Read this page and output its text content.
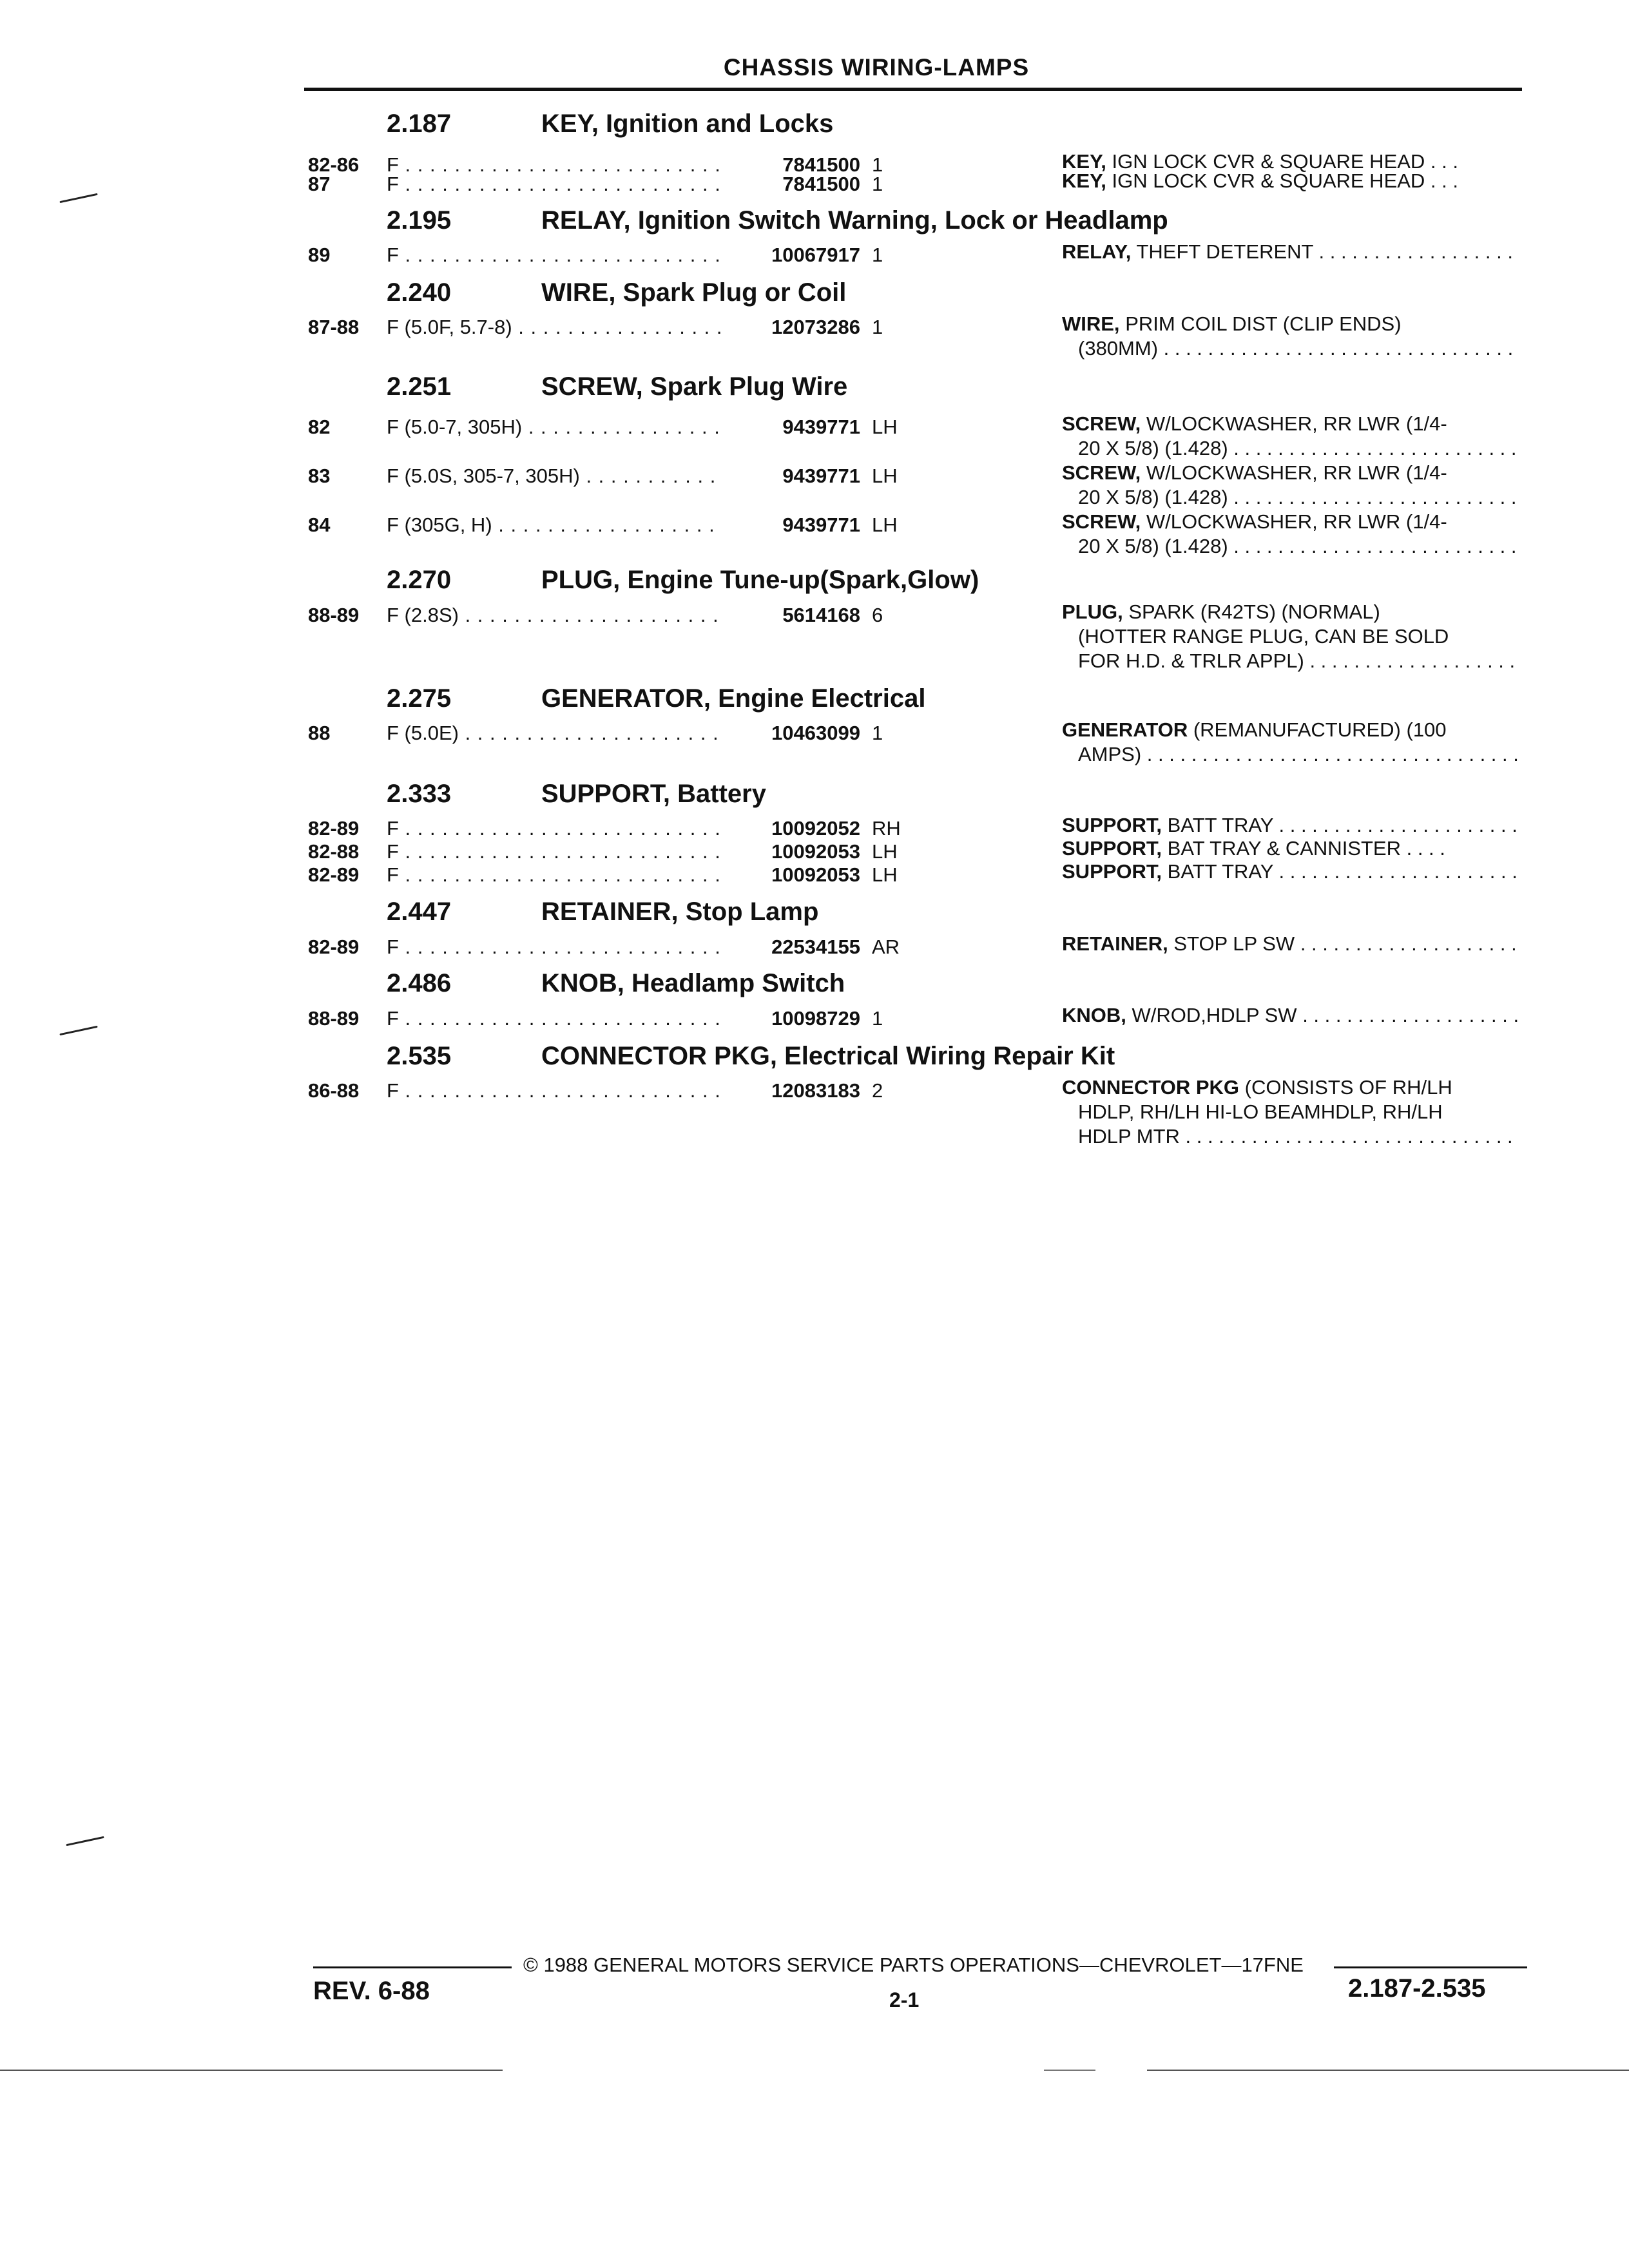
CHASSIS WIRING-LAMPS
2.187	KEY, Ignition and Locks
82-86 F . . .	7841500 1	KEY, IGN LOCK CVR & SQUARE HEAD . . .
87	F . . .	7841500 1	KEY, IGN LOCK CVR & SQUARE HEAD . . .
2.195	RELAY, Ignition Switch Warning, Lock or Headlamp
89	F . . .	10067917 1	RELAY, THEFT DETERENT . . .
2.240	WIRE, Spark Plug or Coil
87-88 F (5.0F, 5.7-8) . . .	12073286 1	WIRE, PRIM COIL DIST (CLIP ENDS)
(380MM) . . .
2.251	SCREW, Spark Plug Wire
82	F (5.0-7, 305H) . . .	9439771 LH	SCREW, W/LOCKWASHER, RR LWR (1/4-
20 X 5/8) (1.428) . . .
83	F (5.0S, 305-7, 305H) . . .	9439771 LH	SCREW, W/LOCKWASHER, RR LWR (1/4-
20 X 5/8) (1.428) . . .
84	F (305G, H) . . .	9439771 LH	SCREW, W/LOCKWASHER, RR LWR (1/4-
20 X 5/8) (1.428) . . .
2.270	PLUG, Engine Tune-up(Spark,Glow)
88-89 F (2.8S) . . .	5614168 6	PLUG, SPARK (R42TS) (NORMAL)
(HOTTER RANGE PLUG, CAN BE SOLD
FOR H.D. & TRLR APPL) . . .
2.275	GENERATOR, Engine Electrical
88	F (5.0E) . . .	10463099 1	GENERATOR (REMANUFACTURED) (100
AMPS) . . .
2.333	SUPPORT, Battery
82-89 F . . .	10092052 RH	SUPPORT, BATT TRAY . . .
82-88 F . . .	10092053 LH	SUPPORT, BAT TRAY & CANNISTER . . . .
82-89 F . . .	10092053 LH	SUPPORT, BATT TRAY . . .
2.447	RETAINER, Stop Lamp
82-89 F . . .	22534155 AR	RETAINER, STOP LP SW . . .
2.486	KNOB, Headlamp Switch
88-89 F . . .	10098729 1	KNOB, W/ROD,HDLP SW . . .
2.535	CONNECTOR PKG, Electrical Wiring Repair Kit
86-88 F . . .	12083183 2	CONNECTOR PKG (CONSISTS OF RH/LH
HDLP, RH/LH HI-LO BEAMHDLP, RH/LH
HDLP MTR . . .
© 1988 GENERAL MOTORS SERVICE PARTS OPERATIONS—CHEVROLET—17FNE
REV. 6-88	2-1	2.187-2.535
